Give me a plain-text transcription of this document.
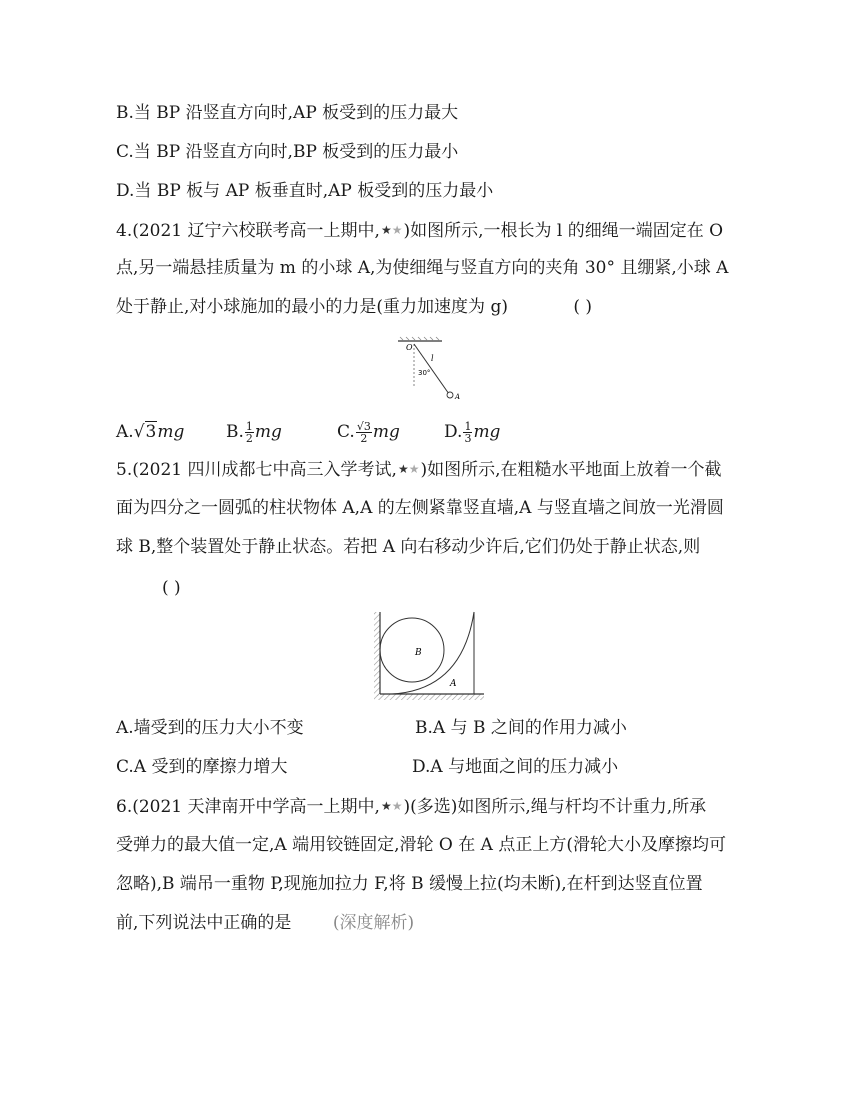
B.当 BP 沿竖直方向时,AP 板受到的压力最大
C.当 BP 沿竖直方向时,BP 板受到的压力最小
D.当 BP 板与 AP 板垂直时,AP 板受到的压力最小
4.(2021 辽宁六校联考高一上期中,★★)如图所示,一根长为 l 的细绳一端固定在 O
点,另一端悬挂质量为 m 的小球 A,为使细绳与竖直方向的夹角 30° 且绷紧,小球 A
处于静止,对小球施加的最小的力是(重力加速度为 g)	( )
O
l
30°
A
A.√3mg B. $\frac{1}{2}$ mg	C. $\frac{√3}{2}$ mg	D. $\frac{1}{3}$ mg
5.(2021 四川成都七中高三入学考试,★★)如图所示,在粗糙水平地面上放着一个截
面为四分之一圆弧的柱状物体 A,A 的左侧紧靠竖直墙,A 与竖直墙之间放一光滑圆
球 B,整个装置处于静止状态。若把 A 向右移动少许后,它们仍处于静止状态,则
( )
B
A
A.墙受到的压力大小不变	B.A 与 B 之间的作用力减小
C.A 受到的摩擦力增大	D.A 与地面之间的压力减小
6.(2021 天津南开中学高一上期中,★★)(多选)如图所示,绳与杆均不计重力,所承
受弹力的最大值一定,A 端用铰链固定,滑轮 O 在 A 点正上方(滑轮大小及摩擦均可
忽略),B 端吊一重物 P,现施加拉力 F,将 B 缓慢上拉(均未断),在杆到达竖直位置
前,下列说法中正确的是 (深度解析)
